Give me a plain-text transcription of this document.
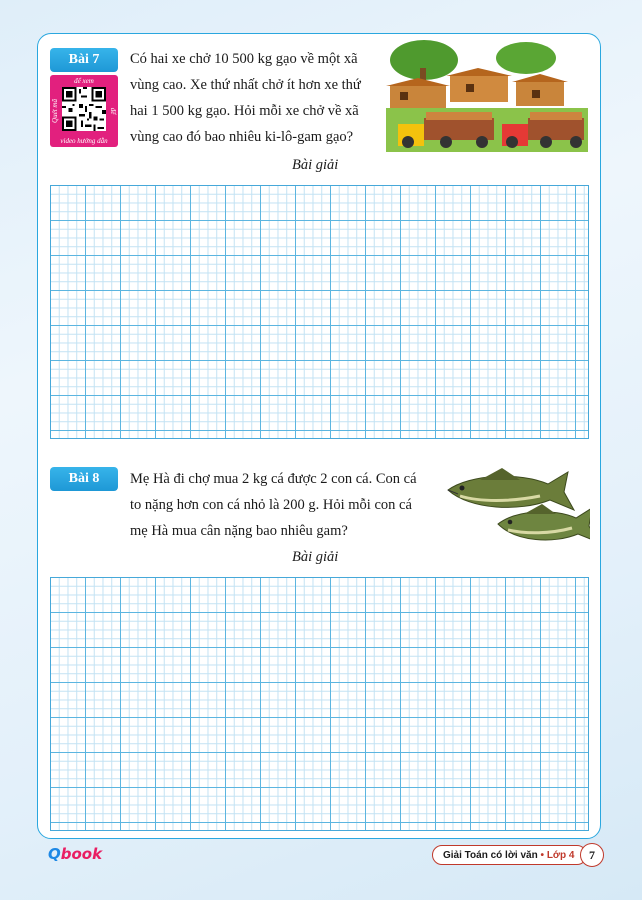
Bài 7
để xem
Quét mã	để
video hướng dẫn

Có hai xe chở 10 500 kg gạo về một xã
vùng cao. Xe thứ nhất chở ít hơn xe thứ
hai 1 500 kg gạo. Hỏi mỗi xe chở về xã
vùng cao đó bao nhiêu ki-lô-gam gạo?

Bài giải
Bài 8	Mẹ Hà đi chợ mua 2 kg cá được 2 con cá. Con cá
to nặng hơn con cá nhỏ là 200 g. Hỏi mỗi con cá
mẹ Hà mua cân nặng bao nhiêu gam?

Bài giải
Qbook	Giải Toán có lời văn • Lớp 4	7
